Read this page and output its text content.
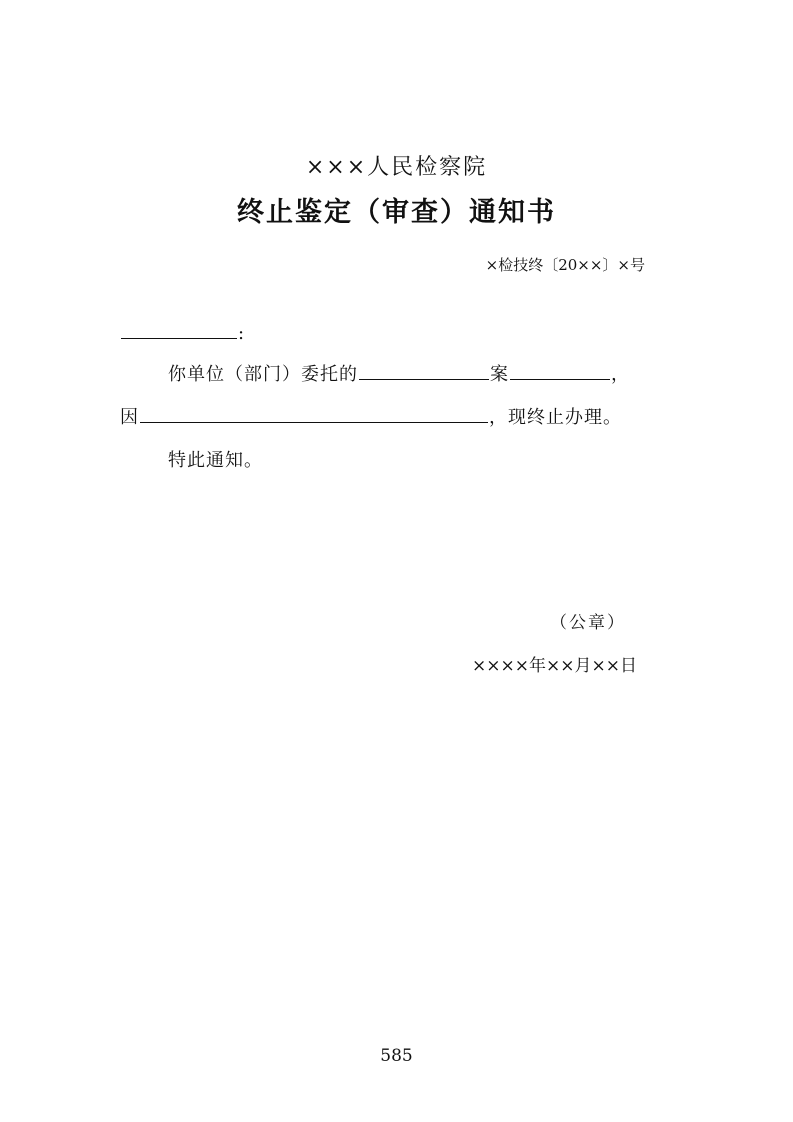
×××人民检察院
终止鉴定（审查）通知书
×检技终〔20××〕×号
:
你单位（部门）委托的	案	，
因	，现终止办理。
特此通知。
（公章）
××××年××月××日
585
